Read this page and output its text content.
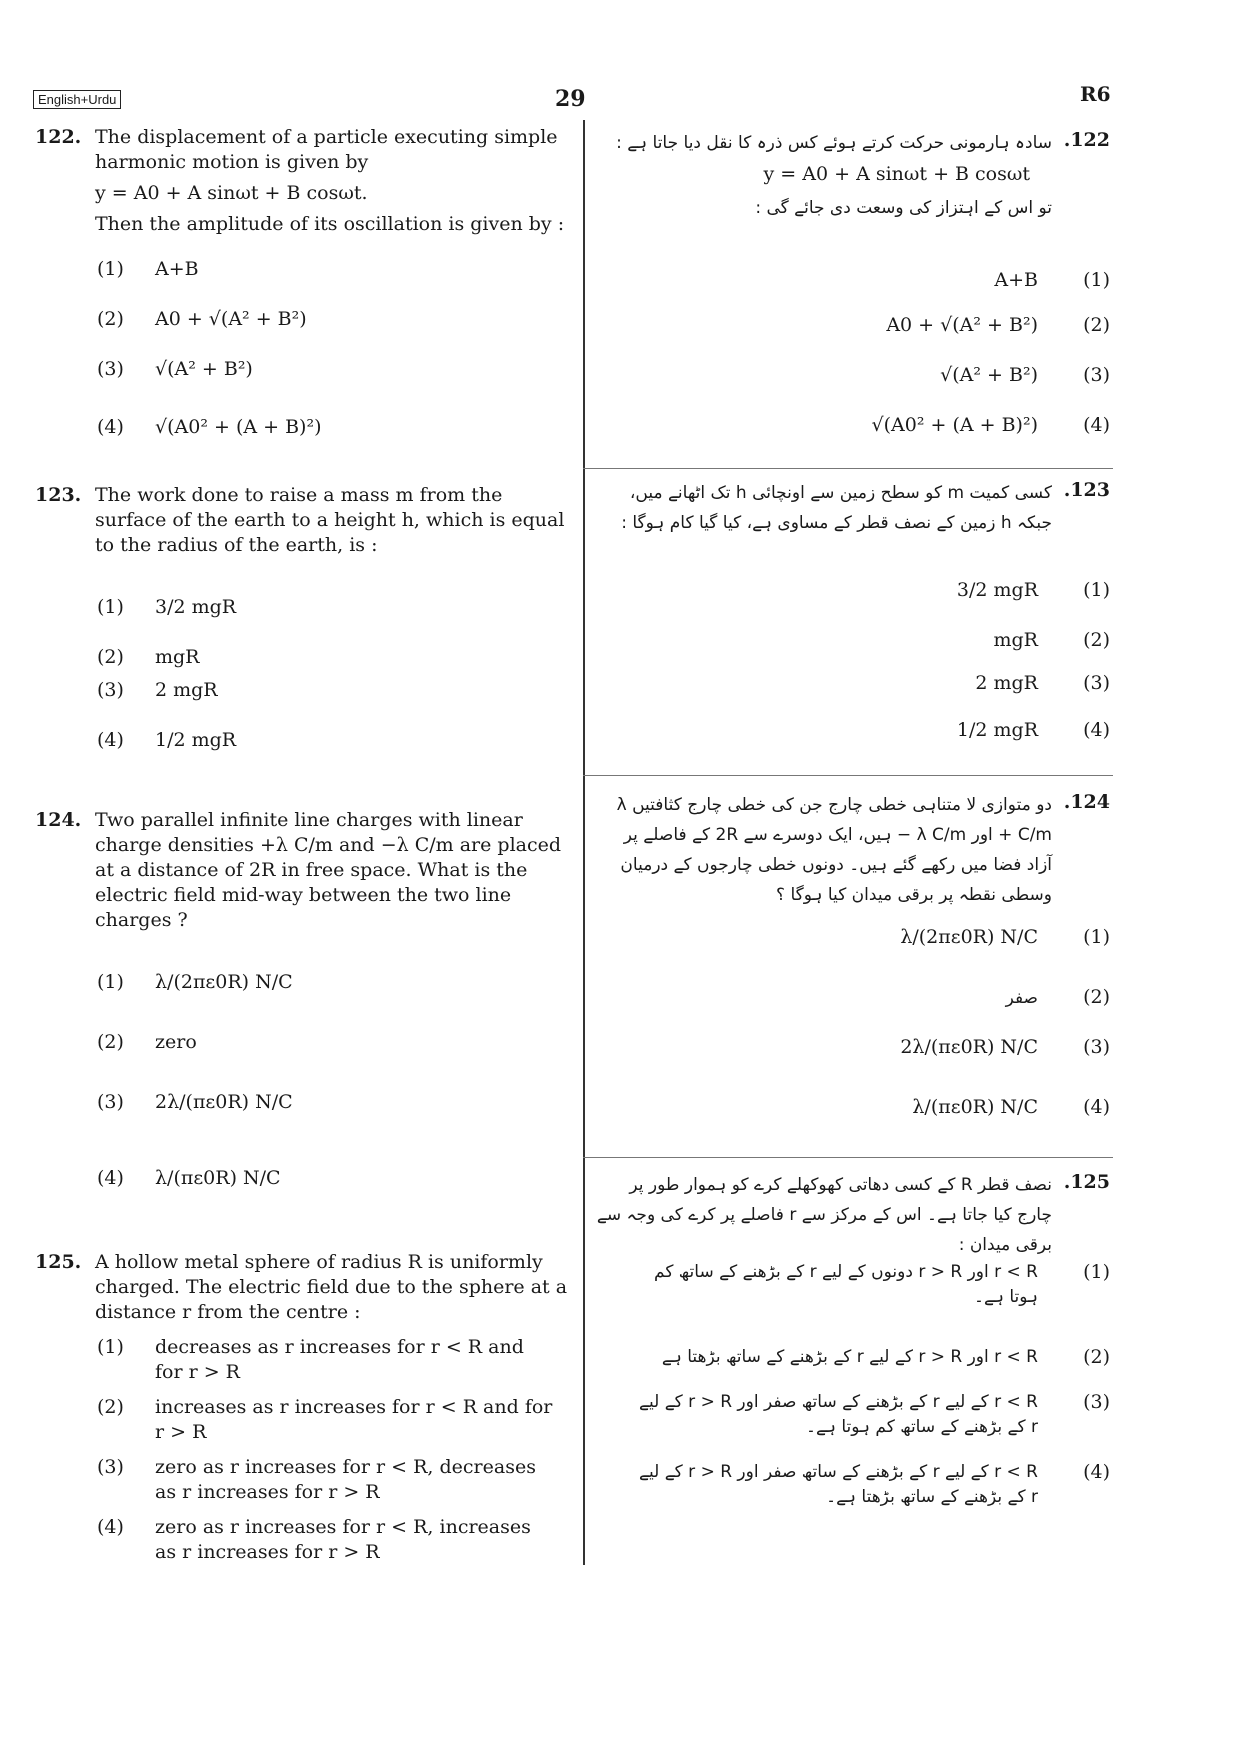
English+Urdu	29	R6
122. The displacement of a particle executing simple harmonic motion is given by
y = A0 + A sinωt + B cosωt.
Then the amplitude of its oscillation is given by :
(1) A+B
(2) A0 + √(A² + B²)
(3) √(A² + B²)
(4) √(A0² + (A + B)²)
123. The work done to raise a mass m from the surface of the earth to a height h, which is equal to the radius of the earth, is :
(1) 3/2 mgR
(2) mgR
(3) 2 mgR
(4) 1/2 mgR
124. Two parallel infinite line charges with linear charge densities +λ C/m and −λ C/m are placed at a distance of 2R in free space. What is the electric field mid-way between the two line charges ?
(1) λ/(2πε0R) N/C
(2) zero
(3) 2λ/(πε0R) N/C
(4) λ/(πε0R) N/C
125. A hollow metal sphere of radius R is uniformly charged. The electric field due to the sphere at a distance r from the centre :
(1) decreases as r increases for r < R and for r > R
(2) increases as r increases for r < R and for r > R
(3) zero as r increases for r < R, decreases as r increases for r > R
(4) zero as r increases for r < R, increases as r increases for r > R
.122
سادہ ہارمونی حرکت کرتے ہوئے کس ذرہ کا نقل دیا جاتا ہے :
y = A0 + A sinωt + B cosωt
تو اس کے اہتزاز کی وسعت دی جائے گی :
A+B (1)
A0 + √(A² + B²) (2)
√(A² + B²) (3)
√(A0² + (A + B)²) (4)
.123
کسی کمیت m کو سطح زمین سے اونچائی h تک اٹھانے میں، جبکہ h زمین کے نصف قطر کے مساوی ہے، کیا گیا کام ہوگا :
3/2 mgR (1)
mgR (2)
2 mgR (3)
1/2 mgR (4)
.124
دو متوازی لا متناہی خطی چارج جن کی خطی چارج کثافتیں λ C/m + اور λ C/m − ہیں، ایک دوسرے سے 2R کے فاصلے پر آزاد فضا میں رکھے گئے ہیں۔ دونوں خطی چارجوں کے درمیان وسطی نقطہ پر برقی میدان کیا ہوگا ؟
λ/(2πε0R) N/C (1)
صفر (2)
2λ/(πε0R) N/C (3)
λ/(πε0R) N/C (4)
.125
نصف قطر R کے کسی دھاتی کھوکھلے کرے کو ہموار طور پر چارج کیا جاتا ہے۔ اس کے مرکز سے r فاصلے پر کرے کی وجہ سے برقی میدان :
r < R اور r > R دونوں کے لیے r کے بڑھنے کے ساتھ کم ہوتا ہے۔(1)
r < R اور r > R کے لیے r کے بڑھنے کے ساتھ بڑھتا ہے (2)
r < R کے لیے r کے بڑھنے کے ساتھ صفر اور r > R کے لیے r کے بڑھنے کے ساتھ کم ہوتا ہے۔(3)
r < R کے لیے r کے بڑھنے کے ساتھ صفر اور r > R کے لیے r کے بڑھنے کے ساتھ بڑھتا ہے۔(4)
